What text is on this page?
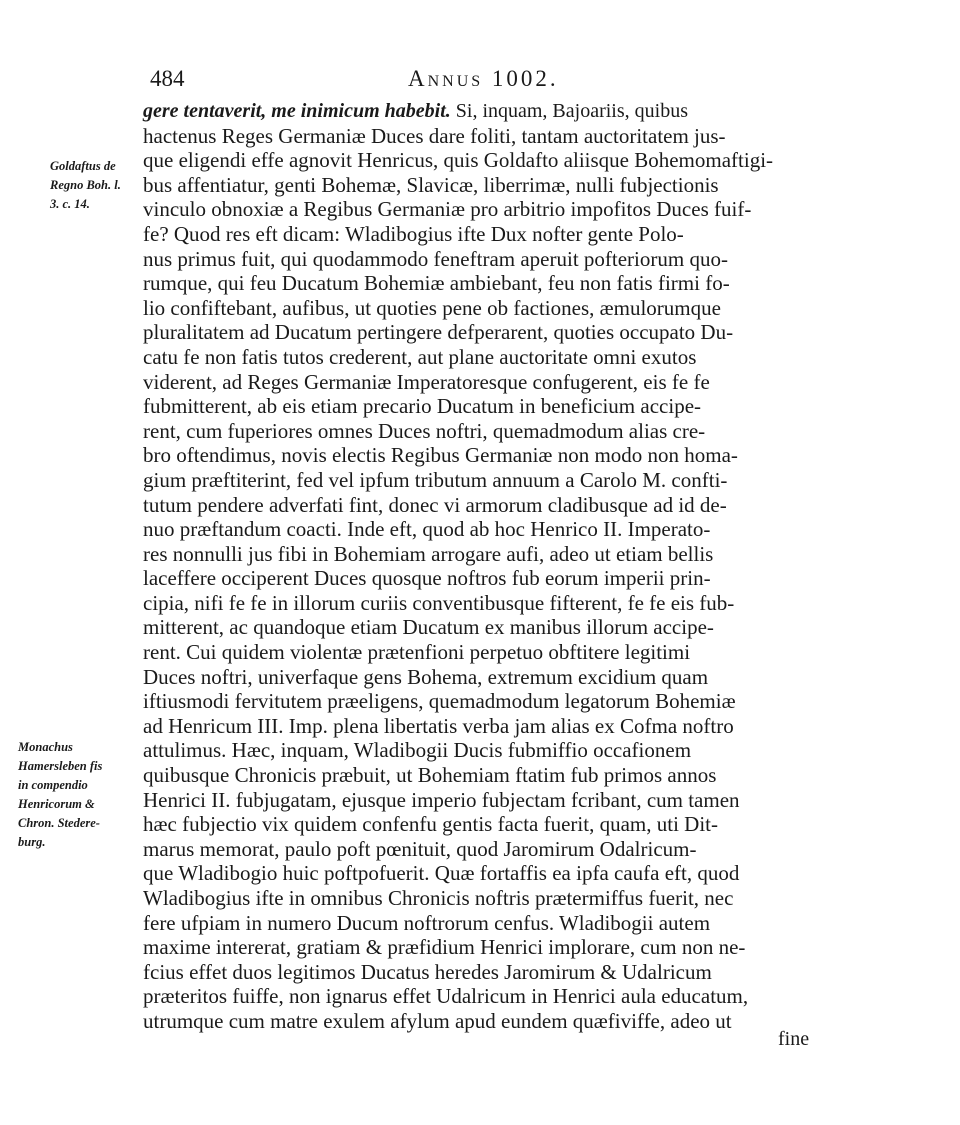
484	Annus 1002.
gere tentaverit, me inimicum habebit. Si, inquam, Bajoariis, quibus
hactenus Reges Germaniæ Duces dare foliti, tantam auctoritatem jus-
que eligendi effe agnovit Henricus, quis Goldafto aliisque Bohemomaftigi-
bus affentiatur, genti Bohemæ, Slavicæ, liberrimæ, nulli fubjectionis
vinculo obnoxiæ a Regibus Germaniæ pro arbitrio impofitos Duces fuif-
fe? Quod res eft dicam: Wladibogius ifte Dux nofter gente Polo-
nus primus fuit, qui quodammodo feneftram aperuit pofteriorum quo-
rumque, qui feu Ducatum Bohemiæ ambiebant, feu non fatis firmi fo-
lio confiftebant, aufibus, ut quoties pene ob factiones, æmulorumque
pluralitatem ad Ducatum pertingere defperarent, quoties occupato Du-
catu fe non fatis tutos crederent, aut plane auctoritate omni exutos
viderent, ad Reges Germaniæ Imperatoresque confugerent, eis fe fe
fubmitterent, ab eis etiam precario Ducatum in beneficium accipe-
rent, cum fuperiores omnes Duces noftri, quemadmodum alias cre-
bro oftendimus, novis electis Regibus Germaniæ non modo non homa-
gium præftiterint, fed vel ipfum tributum annuum a Carolo M. confti-
tutum pendere adverfati fint, donec vi armorum cladibusque ad id de-
nuo præftandum coacti. Inde eft, quod ab hoc Henrico II. Imperato-
res nonnulli jus fibi in Bohemiam arrogare aufi, adeo ut etiam bellis
laceffere occiperent Duces quosque noftros fub eorum imperii prin-
cipia, nifi fe fe in illorum curiis conventibusque fifterent, fe fe eis fub-
mitterent, ac quandoque etiam Ducatum ex manibus illorum accipe-
rent. Cui quidem violentæ prætenfioni perpetuo obftitere legitimi
Duces noftri, univerfaque gens Bohema, extremum excidium quam
iftiusmodi fervitutem præeligens, quemadmodum legatorum Bohemiæ
ad Henricum III. Imp. plena libertatis verba jam alias ex Cofma noftro
attulimus. Hæc, inquam, Wladibogii Ducis fubmiffio occafionem
quibusque Chronicis præbuit, ut Bohemiam ftatim fub primos annos
Henrici II. fubjugatam, ejusque imperio fubjectam fcribant, cum tamen
hæc fubjectio vix quidem confenfu gentis facta fuerit, quam, uti Dit-
marus memorat, paulo poft pœnituit, quod Jaromirum Odalricum-
que Wladibogio huic poftpofuerit. Quæ fortaffis ea ipfa caufa eft, quod
Wladibogius ifte in omnibus Chronicis noftris prætermiffus fuerit, nec
fere ufpiam in numero Ducum noftrorum cenfus. Wladibogii autem
maxime intererat, gratiam & præfidium Henrici implorare, cum non ne-
fcius effet duos legitimos Ducatus heredes Jaromirum & Udalricum
præteritos fuiffe, non ignarus effet Udalricum in Henrici aula educatum,
utrumque cum matre exulem afylum apud eundem quæfiviffe, adeo ut
Goldaftus de
Regno Boh. l.
3. c. 14.
Monachus
Hamersleben fis
in compendio
Henricorum &
Chron. Stedere-
burg.
fine
